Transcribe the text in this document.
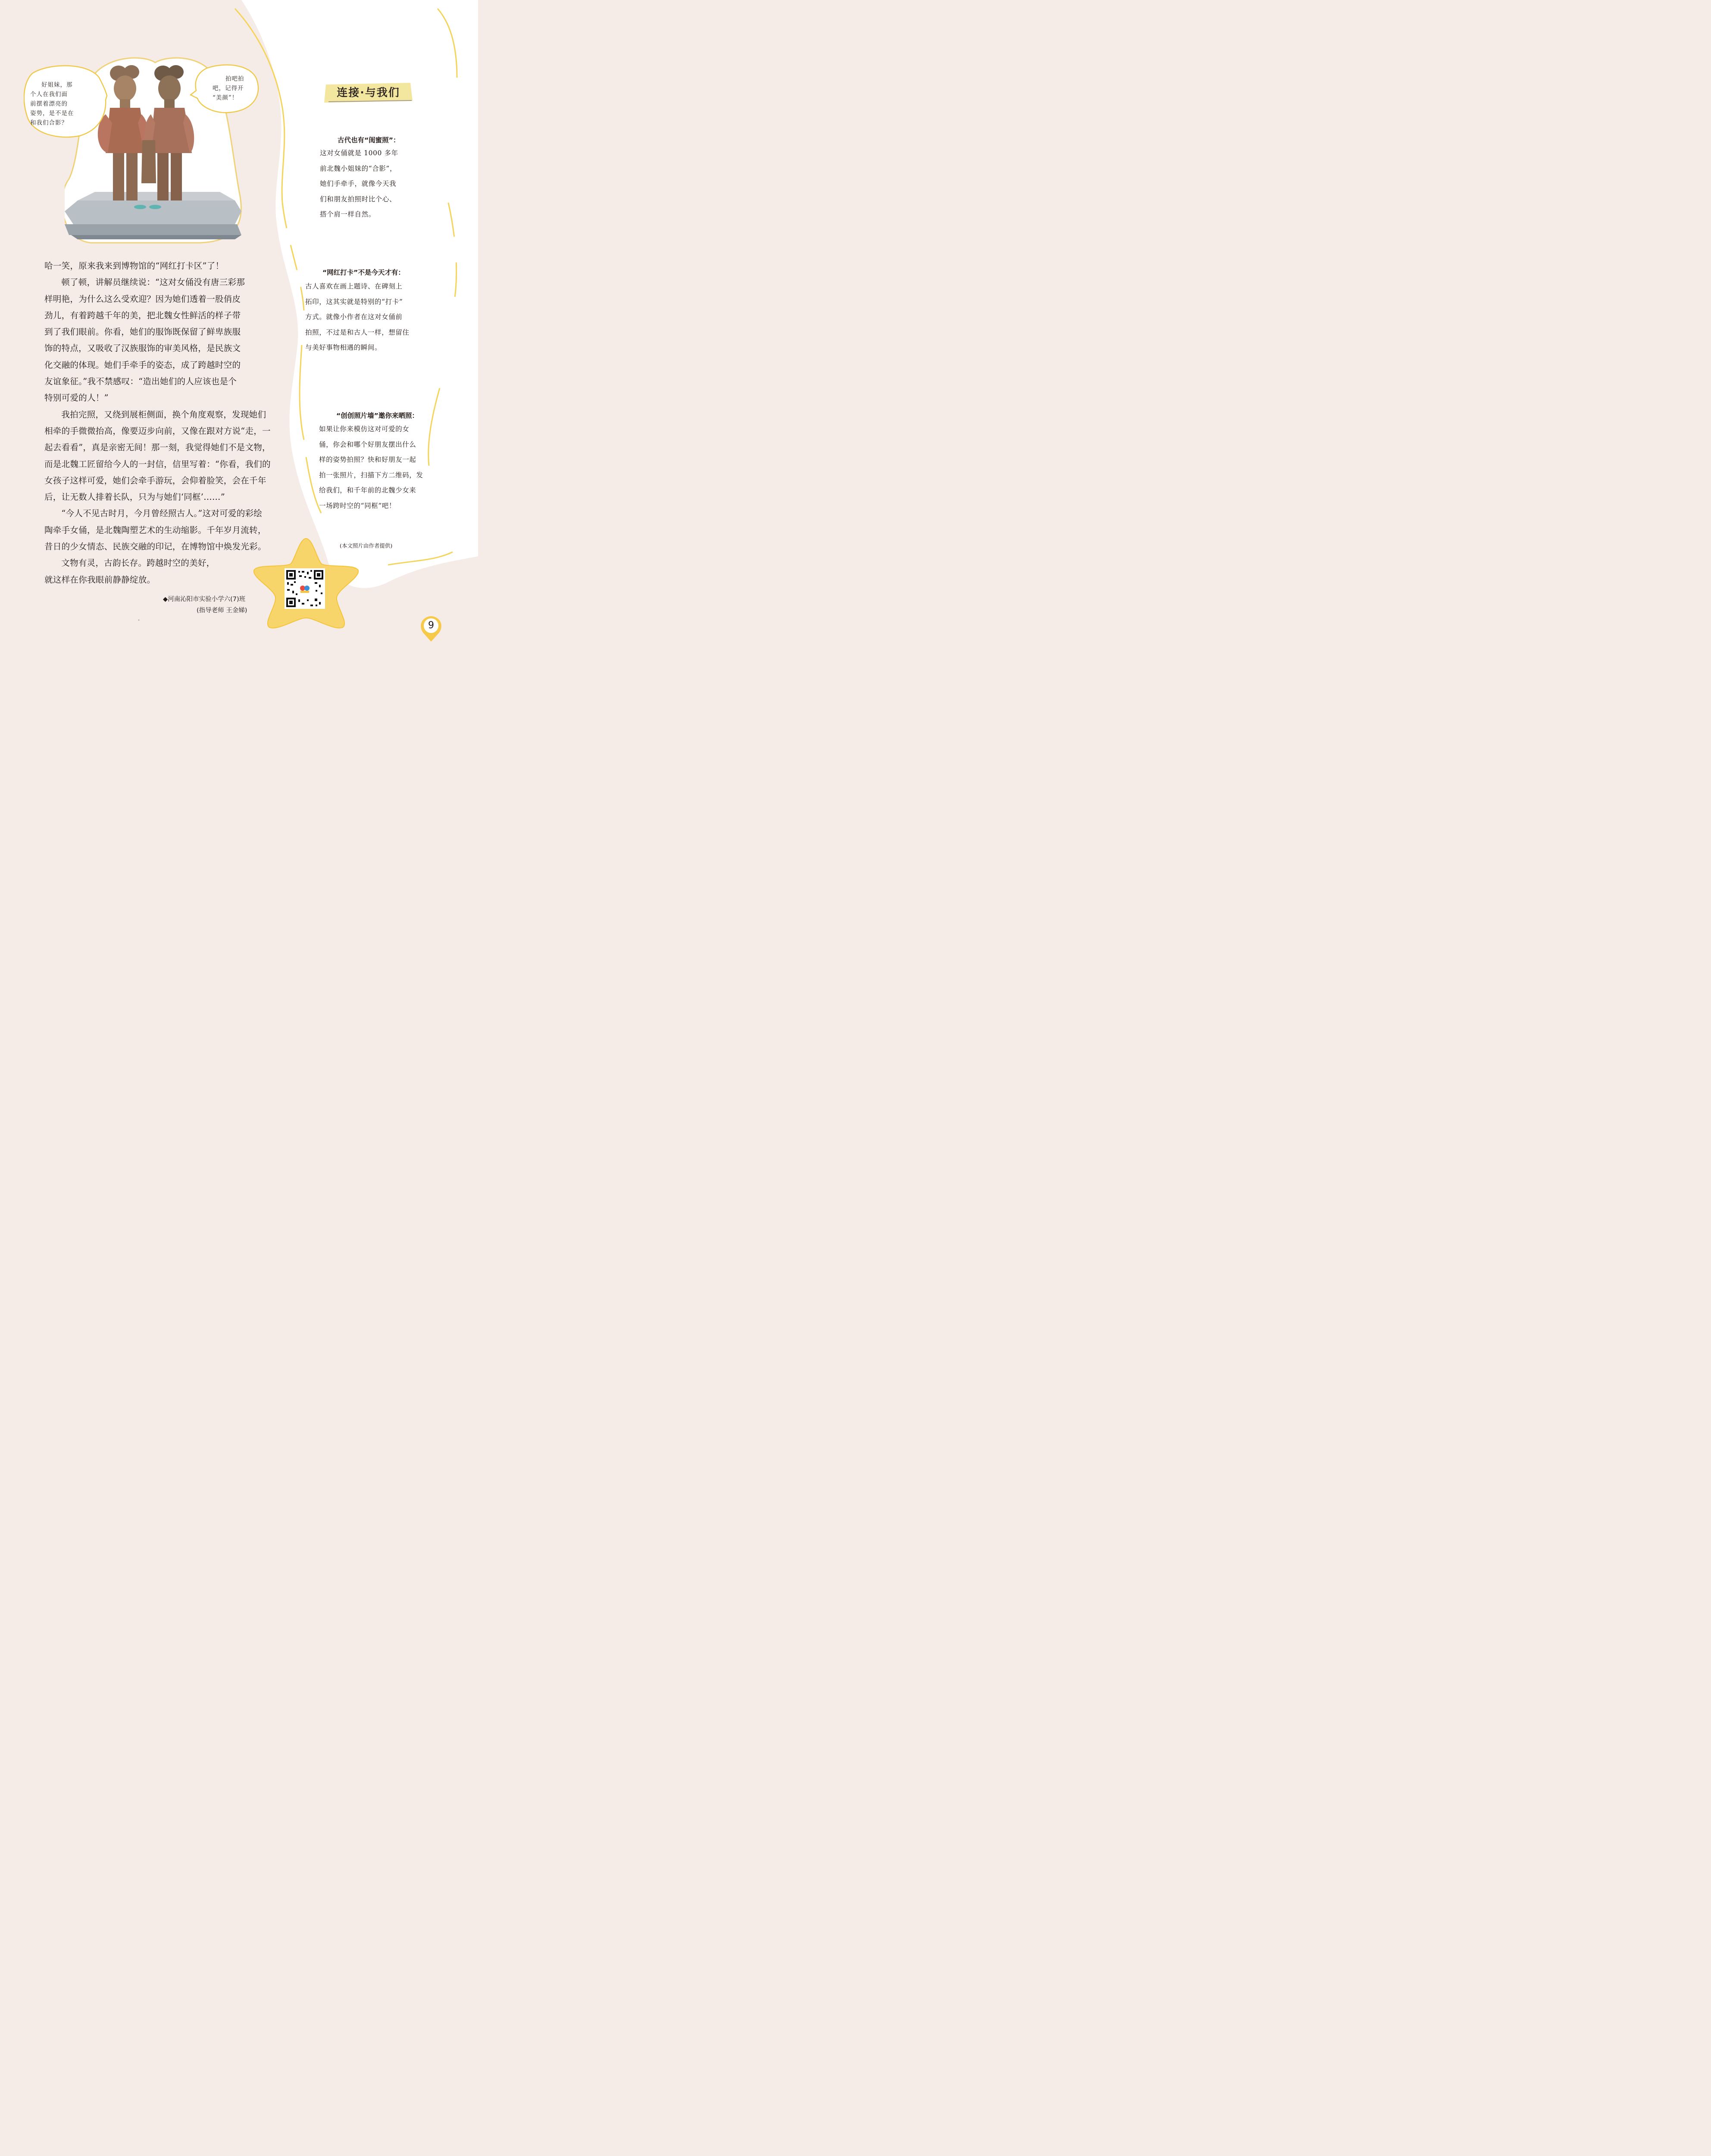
好姐妹，那
个人在我们面
前摆着漂亮的
姿势，是不是在
和我们合影？
拍吧拍
吧，记得开
“美颜”！

哈一笑，原来我来到博物馆的“网红打卡区”了！

顿了顿，讲解员继续说：“这对女俑没有唐三彩那
样明艳，为什么这么受欢迎？因为她们透着一股俏皮
劲儿，有着跨越千年的美，把北魏女性鲜活的样子带
到了我们眼前。你看，她们的服饰既保留了鲜卑族服
饰的特点，又吸收了汉族服饰的审美风格，是民族文
化交融的体现。她们手牵手的姿态，成了跨越时空的
友谊象征。”我不禁感叹：“造出她们的人应该也是个
特别可爱的人！”

我拍完照，又绕到展柜侧面，换个角度观察，发现她们
相牵的手微微抬高，像要迈步向前，又像在跟对方说“走，一
起去看看”，真是亲密无间！那一刻，我觉得她们不是文物，
而是北魏工匠留给今人的一封信，信里写着：“你看，我们的
女孩子这样可爱，她们会牵手游玩，会仰着脸笑，会在千年
后，让无数人排着长队，只为与她们‘同框’……”

“今人不见古时月，今月曾经照古人。”这对可爱的彩绘
陶牵手女俑，是北魏陶塑艺术的生动缩影。千年岁月流转，
昔日的少女情态、民族交融的印记，在博物馆中焕发光彩。

文物有灵，古韵长存。跨越时空的美好，
就这样在你我眼前静静绽放。

◆河南沁阳市实验小学六(7)班
(指导老师 王金娣)
连接·与我们
古代也有“闺蜜照”：
这对女俑就是 1000 多年
前北魏小姐妹的“合影”，
她们手牵手，就像今天我
们和朋友拍照时比个心、
搭个肩一样自然。
“网红打卡”不是今天才有：
古人喜欢在画上题诗、在碑刻上
拓印，这其实就是特别的“打卡”
方式。就像小作者在这对女俑前
拍照，不过是和古人一样，想留住
与美好事物相遇的瞬间。
“创创照片墙”邀你来晒照：
如果让你来模仿这对可爱的女
俑，你会和哪个好朋友摆出什么
样的姿势拍照？快和好朋友一起
拍一张照片，扫描下方二维码，发
给我们，和千年前的北魏少女来
一场跨时空的“同框”吧！
(本文照片由作者提供)
9
